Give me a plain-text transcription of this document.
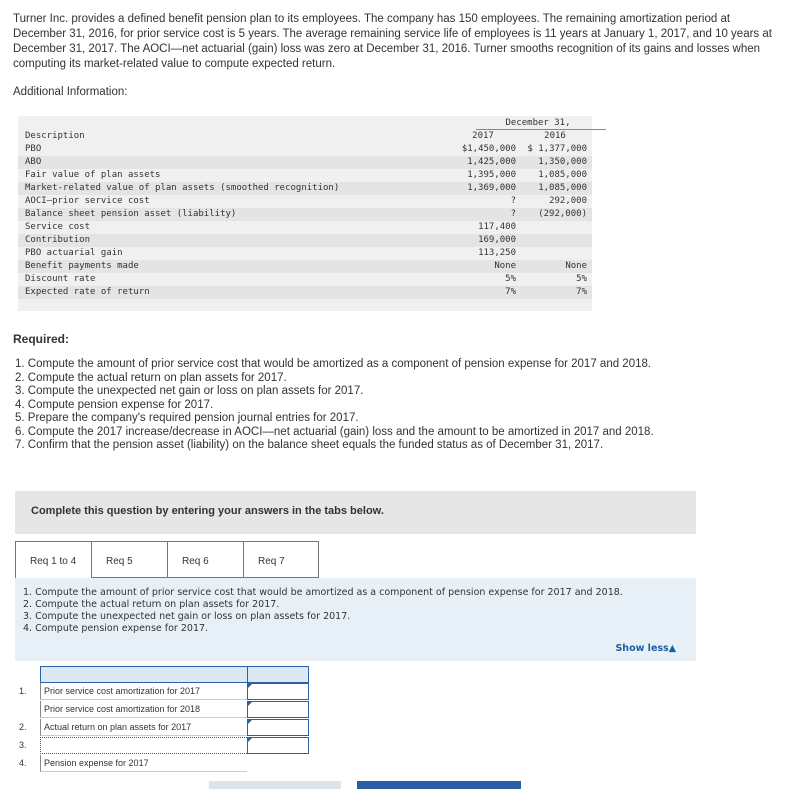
Turner Inc. provides a defined benefit pension plan to its employees. The company has 150 employees. The remaining amortization period at December 31, 2016, for prior service cost is 5 years. The average remaining service life of employees is 11 years at January 1, 2017, and 10 years at December 31, 2017. The AOCI—net actuarial (gain) loss was zero at December 31, 2016. Turner smooths recognition of its gains and losses when computing its market-related value to compute expected return.
Additional Information:
December 31,
Description	2017	2016
PBO	$1,450,000	$ 1,377,000
ABO	1,425,000	1,350,000
Fair value of plan assets	1,395,000	1,085,000
Market-related value of plan assets (smoothed recognition)	1,369,000	1,085,000
AOCI–prior service cost	?	292,000
Balance sheet pension asset (liability)	?	(292,000)
Service cost	117,400
Contribution	169,000
PBO actuarial gain	113,250
Benefit payments made	None	None
Discount rate	5%	5%
Expected rate of return	7%	7%
Required:
1. Compute the amount of prior service cost that would be amortized as a component of pension expense for 2017 and 2018.
2. Compute the actual return on plan assets for 2017.
3. Compute the unexpected net gain or loss on plan assets for 2017.
4. Compute pension expense for 2017.
5. Prepare the company's required pension journal entries for 2017.
6. Compute the 2017 increase/decrease in AOCI—net actuarial (gain) loss and the amount to be amortized in 2017 and 2018.
7. Confirm that the pension asset (liability) on the balance sheet equals the funded status as of December 31, 2017.
Complete this question by entering your answers in the tabs below.
Req 1 to 4	Req 5	Req 6	Req 7
1. Compute the amount of prior service cost that would be amortized as a component of pension expense for 2017 and 2018.
2. Compute the actual return on plan assets for 2017.
3. Compute the unexpected net gain or loss on plan assets for 2017.
4. Compute pension expense for 2017.
Show less▲
1.	Prior service cost amortization for 2017
Prior service cost amortization for 2018
2.	Actual return on plan assets for 2017
3.
4.	Pension expense for 2017
